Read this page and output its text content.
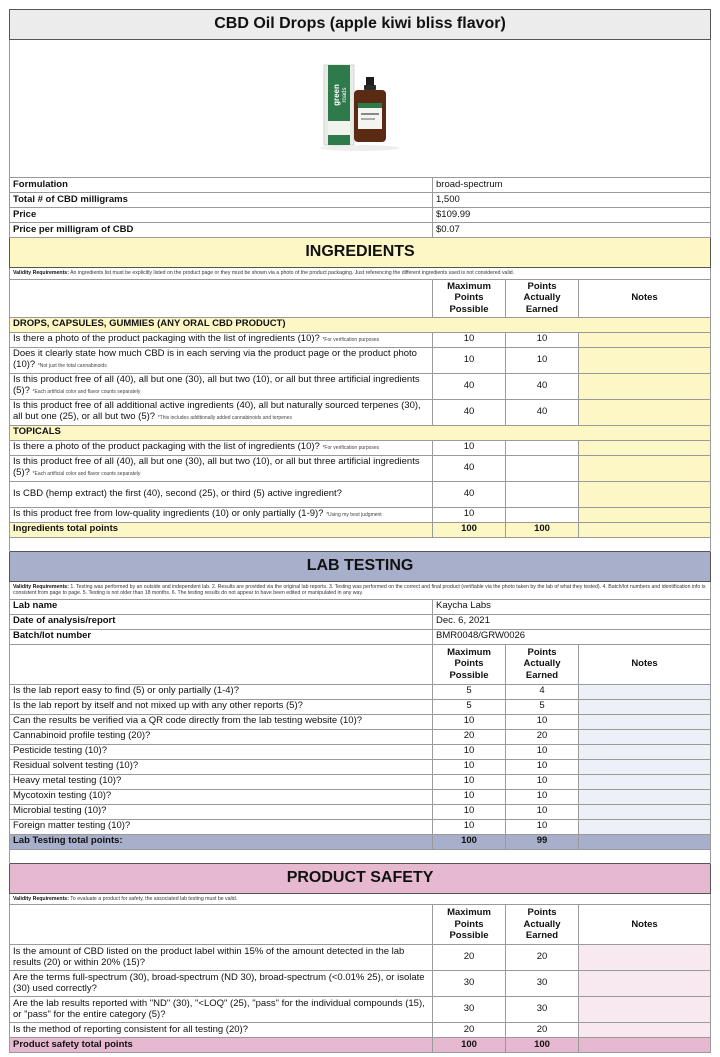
CBD Oil Drops (apple kiwi bliss flavor)			

green roads			

Formulation	broad-spectrum		
Total # of CBD milligrams	1,500		
Price	$109.99		
Price per milligram of CBD	$0.07		
INGREDIENTS			
Validity Requirements: An ingredients list must be explicitly listed on the product page or they must be shown via a photo of the product packaging. Just referencing the different ingredients used is not considered valid.			
	Maximum Points Possible	Points Actually Earned	Notes
DROPS, CAPSULES, GUMMIES (ANY ORAL CBD PRODUCT)			
Is there a photo of the product packaging with the list of ingredients (10)? *For verification purposes	10	10	
Does it clearly state how much CBD is in each serving via the product page or the product photo (10)? *Not just the total cannabinoids	10	10	
Is this product free of all (40), all but one (30), all but two (10), or all but three artificial ingredients (5)? *Each artificial color and flavor counts separately	40	40	
Is this product free of all additional active ingredients (40), all but naturally sourced terpenes (30), all but one (25), or all but two (5)? *This includes additionally added cannabinoids and terpenes	40	40	
TOPICALS			
Is there a photo of the product packaging with the list of ingredients (10)? *For verification purposes	10		
Is this product free of all (40), all but one (30), all but two (10), or all but three artificial ingredients (5)? *Each artificial color and flavor counts separately	40		
Is CBD (hemp extract) the first (40), second (25), or third (5) active ingredient?	40		
Is this product free from low-quality ingredients (10) or only partially (1-9)? *Using my best judgment	10		
Ingredients total points	100	100	

LAB TESTING			
Validity Requirements: 1. Testing was performed by an outside and independent lab. 2. Results are provided via the original lab reports. 3. Testing was performed on the correct and final product (verifiable via the photo taken by the lab of what they tested). 4. Batch/lot numbers and identification info is consistent from page to page. 5. Testing is not older than 18 months. 6. The testing results do not appear to have been edited or manipulated in any way.			
Lab name	Kaycha Labs		
Date of analysis/report	Dec. 6, 2021		
Batch/lot number	BMR0048/GRW0026		
	Maximum Points Possible	Points Actually Earned	Notes
Is the lab report easy to find (5) or only partially (1-4)?	5	4	
Is the lab report by itself and not mixed up with any other reports (5)?	5	5	
Can the results be verified via a QR code directly from the lab testing website (10)?	10	10	
Cannabinoid profile testing (20)?	20	20	
Pesticide testing (10)?	10	10	
Residual solvent testing (10)?	10	10	
Heavy metal testing (10)?	10	10	
Mycotoxin testing (10)?	10	10	
Microbial testing (10)?	10	10	
Foreign matter testing (10)?	10	10	
Lab Testing total points:	100	99	

PRODUCT SAFETY			
Validity Requirements: To evaluate a product for safety, the associated lab testing must be valid.			
	Maximum Points Possible	Points Actually Earned	Notes
Is the amount of CBD listed on the product label within 15% of the amount detected in the lab results (20) or within 20% (15)?	20	20	
Are the terms full-spectrum (30), broad-spectrum (ND 30), broad-spectrum (<0.01% 25), or isolate (30) used correctly?	30	30	
Are the lab results reported with "ND" (30), "<LOQ" (25), "pass" for the individual compounds (15), or "pass" for the entire category (5)?	30	30	
Is the method of reporting consistent for all testing (20)?	20	20	
Product safety total points	100	100	
